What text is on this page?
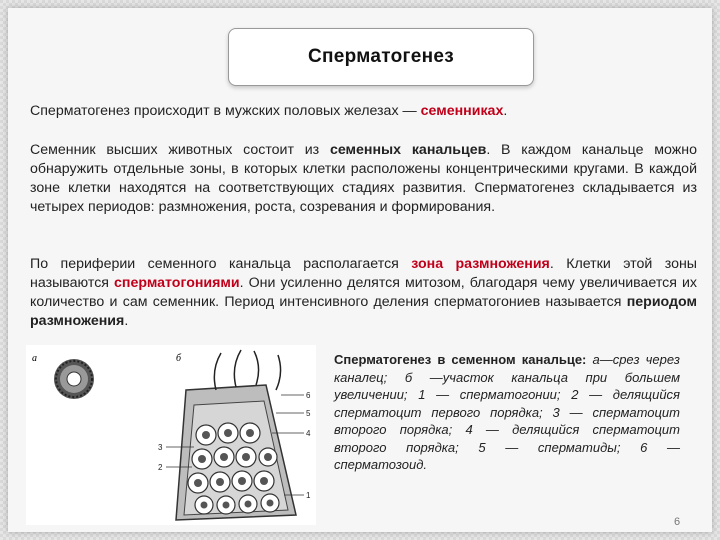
Сперматогенез
Сперматогенез происходит в мужских половых железах — семенниках.
Семенник высших животных состоит из семенных канальцев. В каждом канальце можно обнаружить отдельные зоны, в которых клетки расположены концентрическими кругами. В каждой зоне клетки находятся на соответствующих стадиях развития. Сперматогенез складывается из четырех периодов: размножения, роста, созревания и формирования.
По периферии семенного канальца располагается зона размножения. Клетки этой зоны называются сперматогониями. Они усиленно делятся митозом, благодаря чему увеличивается их количество и сам семенник. Период интенсивного деления сперматогониев называется периодом размножения.
а	б
6
5
4
3
2
1
Сперматогенез в семенном канальце: а—срез через каналец; б —участок канальца при большем увеличении; 1 — сперматогонии; 2 — делящийся сперматоцит первого порядка; 3 — сперматоцит второго порядка; 4 — делящийся сперматоцит второго порядка; 5 — сперматиды; 6 — сперматозоид.
6
